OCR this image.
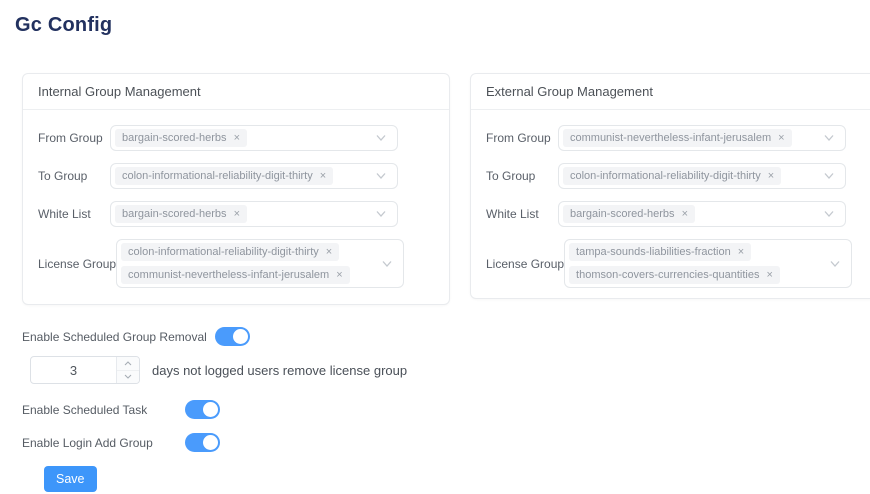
Gc Config
Internal Group Management
From Group	bargain-scored-herbs ×
To Group	colon-informational-reliability-digit-thirty ×
White List	bargain-scored-herbs ×
License Group
colon-informational-reliability-digit-thirty ×
communist-nevertheless-infant-jerusalem ×
External Group Management
From Group	communist-nevertheless-infant-jerusalem ×
To Group	colon-informational-reliability-digit-thirty ×
White List	bargain-scored-herbs ×
License Group
tampa-sounds-liabilities-fraction ×
thomson-covers-currencies-quantities ×
Enable Scheduled Group Removal
3
days not logged users remove license group
Enable Scheduled Task
Enable Login Add Group
Save
